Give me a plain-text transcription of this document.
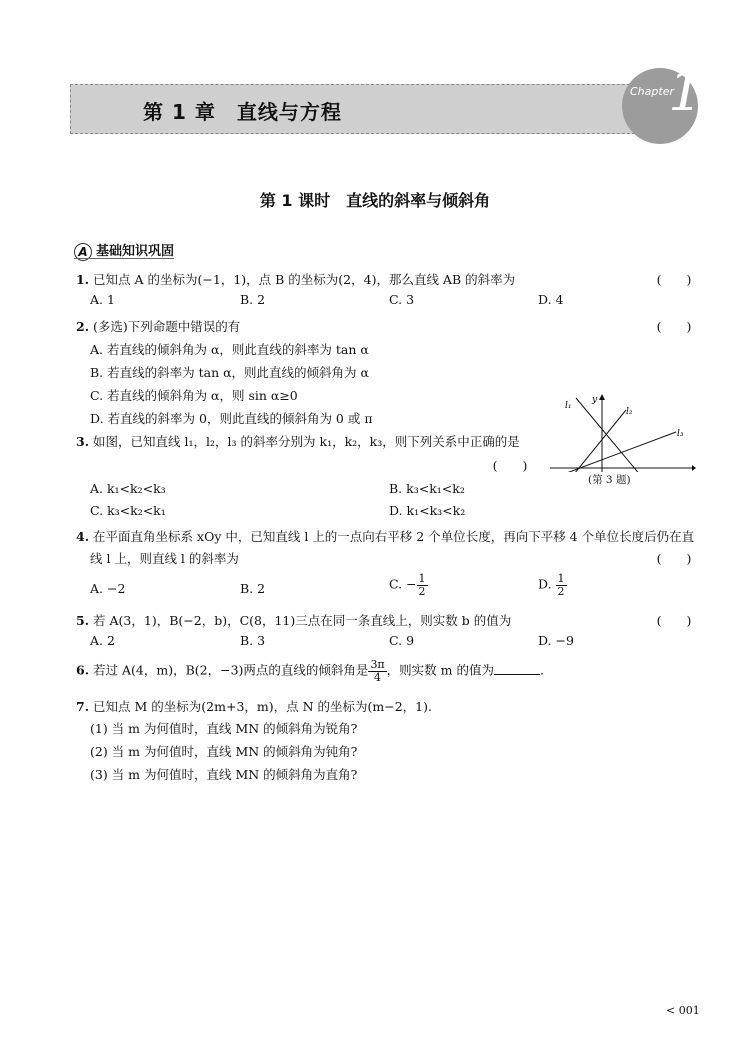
第 1 章　直线与方程
Chapter
1
第 1 课时　直线的斜率与倾斜角
A 基础知识巩固
1. 已知点 A 的坐标为(−1，1)，点 B 的坐标为(2，4)，那么直线 AB 的斜率为	(　　)
A. 1	B. 2	C. 3	D. 4
2. (多选)下列命题中错误的有	(　　)
A. 若直线的倾斜角为 α，则此直线的斜率为 tan α
B. 若直线的斜率为 tan α，则此直线的倾斜角为 α
C. 若直线的倾斜角为 α，则 sin α≥0
D. 若直线的斜率为 0，则此直线的倾斜角为 0 或 π
3. 如图，已知直线 l₁，l₂，l₃ 的斜率分别为 k₁，k₂，k₃，则下列关系中正确的是
(　　)
A. k₁<k₂<k₃	B. k₃<k₁<k₂
C. k₃<k₂<k₁	D. k₁<k₃<k₂
l₁
l₂
l₃
y
(第 3 题)
4. 在平面直角坐标系 xOy 中，已知直线 l 上的一点向右平移 2 个单位长度，再向下平移 4 个单位长度后仍在直
线 l 上，则直线 l 的斜率为	(　　)
A. −2	B. 2	C. − $\frac{1}{2}$	D. $\frac{1}{2}$
5. 若 A(3，1)，B(−2，b)，C(8，11)三点在同一条直线上，则实数 b 的值为	(　　)
A. 2	B. 3	C. 9	D. −9
6. 若过 A(4，m)，B(2，−3)两点的直线的倾斜角是 $\frac{3\pi}{4}$ ，则实数 m 的值为	.
7. 已知点 M 的坐标为(2m+3，m)，点 N 的坐标为(m−2，1).
(1) 当 m 为何值时，直线 MN 的倾斜角为锐角?
(2) 当 m 为何值时，直线 MN 的倾斜角为钝角?
(3) 当 m 为何值时，直线 MN 的倾斜角为直角?
< 001
